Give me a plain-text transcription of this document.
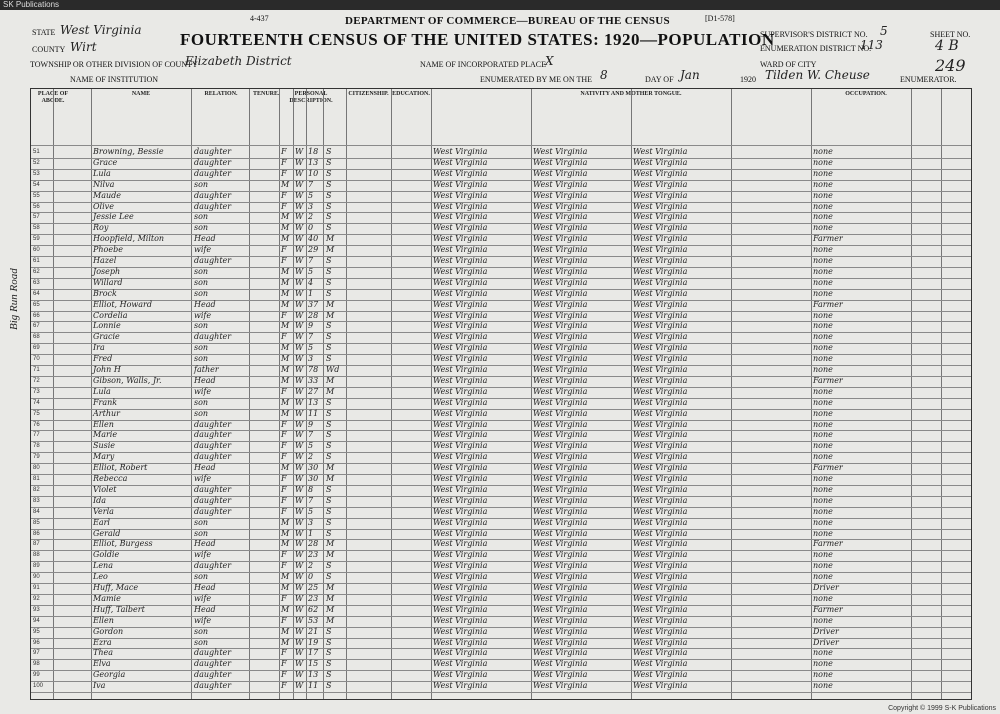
SK Publications
4-437	[D1-578]
DEPARTMENT OF COMMERCE—BUREAU OF THE CENSUS
FOURTEENTH CENSUS OF THE UNITED STATES: 1920—POPULATION
STATE West Virginia
COUNTY Wirt
TOWNSHIP OR OTHER DIVISION OF COUNTY
Elizabeth District
NAME OF INSTITUTION
NAME OF INCORPORATED PLACE
X	WARD OF CITY
SUPERVISOR'S DISTRICT NO. 5
ENUMERATION DISTRICT NO.
113
SHEET NO.
4 B
249
ENUMERATED BY ME ON THE 8	DAY OF Jan	1920 Tilden W. Cheuse	ENUMERATOR.
PLACE OF ABODE.
NAME	RELATION.	TENURE.	PERSONAL DESCRIPTION.
CITIZENSHIP. EDUCATION.	NATIVITY AND MOTHER TONGUE.	OCCUPATION.
51	Browning, Bessie	daughter	F W 18 S	West Virginia	West Virginia	West Virginia	none
52	Grace	daughter	F W 13 S	West Virginia	West Virginia	West Virginia	none
53	Lula	daughter	F W 10 S	West Virginia	West Virginia	West Virginia	none
54	Nilva	son	M W 7 S	West Virginia	West Virginia	West Virginia	none
55	Maude	daughter	F W 5 S	West Virginia	West Virginia	West Virginia	none
56	Olive	daughter	F W 3 S	West Virginia	West Virginia	West Virginia	none
57	Jessie Lee	son	M W 2 S	West Virginia	West Virginia	West Virginia	none
58	Roy	son	M W 0 S	West Virginia	West Virginia	West Virginia	none
59	Hoopfield, Milton	Head	M W 40 M	West Virginia	West Virginia	West Virginia	Farmer
60	Phoebe	wife	F W 29 M	West Virginia	West Virginia	West Virginia	none
61	Hazel	daughter	F W 7 S	West Virginia	West Virginia	West Virginia	none
62	Joseph	son	M W 5 S	West Virginia	West Virginia	West Virginia	none
63	Willard	son	M W 4 S	West Virginia	West Virginia	West Virginia	none
64	Brock	son	M W 1 S	West Virginia	West Virginia	West Virginia	none
65	Elliot, Howard	Head	M W 37 M	West Virginia	West Virginia	West Virginia	Farmer
66	Cordelia	wife	F W 28 M	West Virginia	West Virginia	West Virginia	none
67	Lonnie	son	M W 9 S	West Virginia	West Virginia	West Virginia	none
68	Gracie	daughter	F W 7 S	West Virginia	West Virginia	West Virginia	none
69	Ira	son	M W 5 S	West Virginia	West Virginia	West Virginia	none
70	Fred	son	M W 3 S	West Virginia	West Virginia	West Virginia	none
71	John H	father	M W 78 Wd	West Virginia	West Virginia	West Virginia	none
72	Gibson, Walls, Jr.	Head	M W 33 M	West Virginia	West Virginia	West Virginia	Farmer
73	Lula	wife	F W 27 M	West Virginia	West Virginia	West Virginia	none
74	Frank	son	M W 13 S	West Virginia	West Virginia	West Virginia	none
75	Arthur	son	M W 11 S	West Virginia	West Virginia	West Virginia	none
76	Ellen	daughter	F W 9 S	West Virginia	West Virginia	West Virginia	none
77	Marie	daughter	F W 7 S	West Virginia	West Virginia	West Virginia	none
78	Susie	daughter	F W 5 S	West Virginia	West Virginia	West Virginia	none
79	Mary	daughter	F W 2 S	West Virginia	West Virginia	West Virginia	none
80	Elliot, Robert	Head	M W 30 M	West Virginia	West Virginia	West Virginia	Farmer
81	Rebecca	wife	F W 30 M	West Virginia	West Virginia	West Virginia	none
82	Violet	daughter	F W 8 S	West Virginia	West Virginia	West Virginia	none
83	Ida	daughter	F W 7 S	West Virginia	West Virginia	West Virginia	none
84	Verla	daughter	F W 5 S	West Virginia	West Virginia	West Virginia	none
85	Earl	son	M W 3 S	West Virginia	West Virginia	West Virginia	none
86	Gerald	son	M W 1 S	West Virginia	West Virginia	West Virginia	none
87	Elliot, Burgess	Head	M W 28 M	West Virginia	West Virginia	West Virginia	Farmer
88	Goldie	wife	F W 23 M	West Virginia	West Virginia	West Virginia	none
89	Lena	daughter	F W 2 S	West Virginia	West Virginia	West Virginia	none
90	Leo	son	M W 0 S	West Virginia	West Virginia	West Virginia	none
91	Huff, Mace	Head	M W 25 M	West Virginia	West Virginia	West Virginia	Driver
92	Mamie	wife	F W 23 M	West Virginia	West Virginia	West Virginia	none
93	Huff, Talbert	Head	M W 62 M	West Virginia	West Virginia	West Virginia	Farmer
94	Ellen	wife	F W 53 M	West Virginia	West Virginia	West Virginia	none
95	Gordon	son	M W 21 S	West Virginia	West Virginia	West Virginia	Driver
96	Ezra	son	M W 19 S	West Virginia	West Virginia	West Virginia	Driver
97	Thea	daughter	F W 17 S	West Virginia	West Virginia	West Virginia	none
98	Elva	daughter	F W 15 S	West Virginia	West Virginia	West Virginia	none
99	Georgia	daughter	F W 13 S	West Virginia	West Virginia	West Virginia	none
100	Iva	daughter	F W 11 S	West Virginia	West Virginia	West Virginia	none
Big Run Road
Copyright © 1999 S-K Publications
